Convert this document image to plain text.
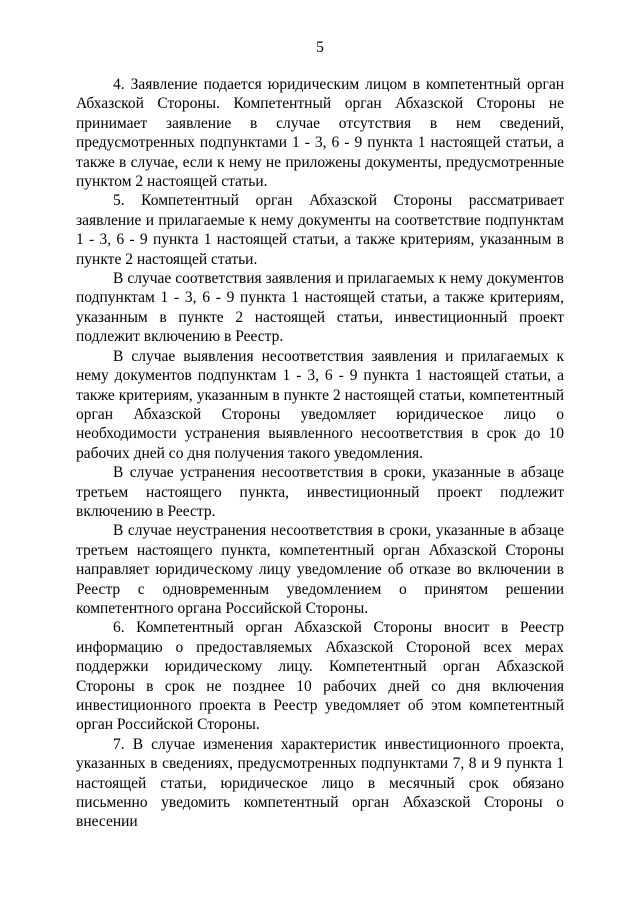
5

4. Заявление подается юридическим лицом в компетентный орган Абхазской Стороны. Компетентный орган Абхазской Стороны не принимает заявление в случае отсутствия в нем сведений, предусмотренных подпунктами 1 - 3, 6 - 9 пункта 1 настоящей статьи, а также в случае, если к нему не приложены документы, предусмотренные пунктом 2 настоящей статьи.

5. Компетентный орган Абхазской Стороны рассматривает заявление и прилагаемые к нему документы на соответствие подпунктам 1 - 3, 6 - 9 пункта 1 настоящей статьи, а также критериям, указанным в пункте 2 настоящей статьи.

В случае соответствия заявления и прилагаемых к нему документов подпунктам 1 - 3, 6 - 9 пункта 1 настоящей статьи, а также критериям, указанным в пункте 2 настоящей статьи, инвестиционный проект подлежит включению в Реестр.

В случае выявления несоответствия заявления и прилагаемых к нему документов подпунктам 1 - 3, 6 - 9 пункта 1 настоящей статьи, а также критериям, указанным в пункте 2 настоящей статьи, компетентный орган Абхазской Стороны уведомляет юридическое лицо о необходимости устранения выявленного несоответствия в срок до 10 рабочих дней со дня получения такого уведомления.

В случае устранения несоответствия в сроки, указанные в абзаце третьем настоящего пункта, инвестиционный проект подлежит включению в Реестр.

В случае неустранения несоответствия в сроки, указанные в абзаце третьем настоящего пункта, компетентный орган Абхазской Стороны направляет юридическому лицу уведомление об отказе во включении в Реестр с одновременным уведомлением о принятом решении компетентного органа Российской Стороны.

6. Компетентный орган Абхазской Стороны вносит в Реестр информацию о предоставляемых Абхазской Стороной всех мерах поддержки юридическому лицу. Компетентный орган Абхазской Стороны в срок не позднее 10 рабочих дней со дня включения инвестиционного проекта в Реестр уведомляет об этом компетентный орган Российской Стороны.

7. В случае изменения характеристик инвестиционного проекта, указанных в сведениях, предусмотренных подпунктами 7, 8 и 9 пункта 1 настоящей статьи, юридическое лицо в месячный срок обязано письменно уведомить компетентный орган Абхазской Стороны о внесении
